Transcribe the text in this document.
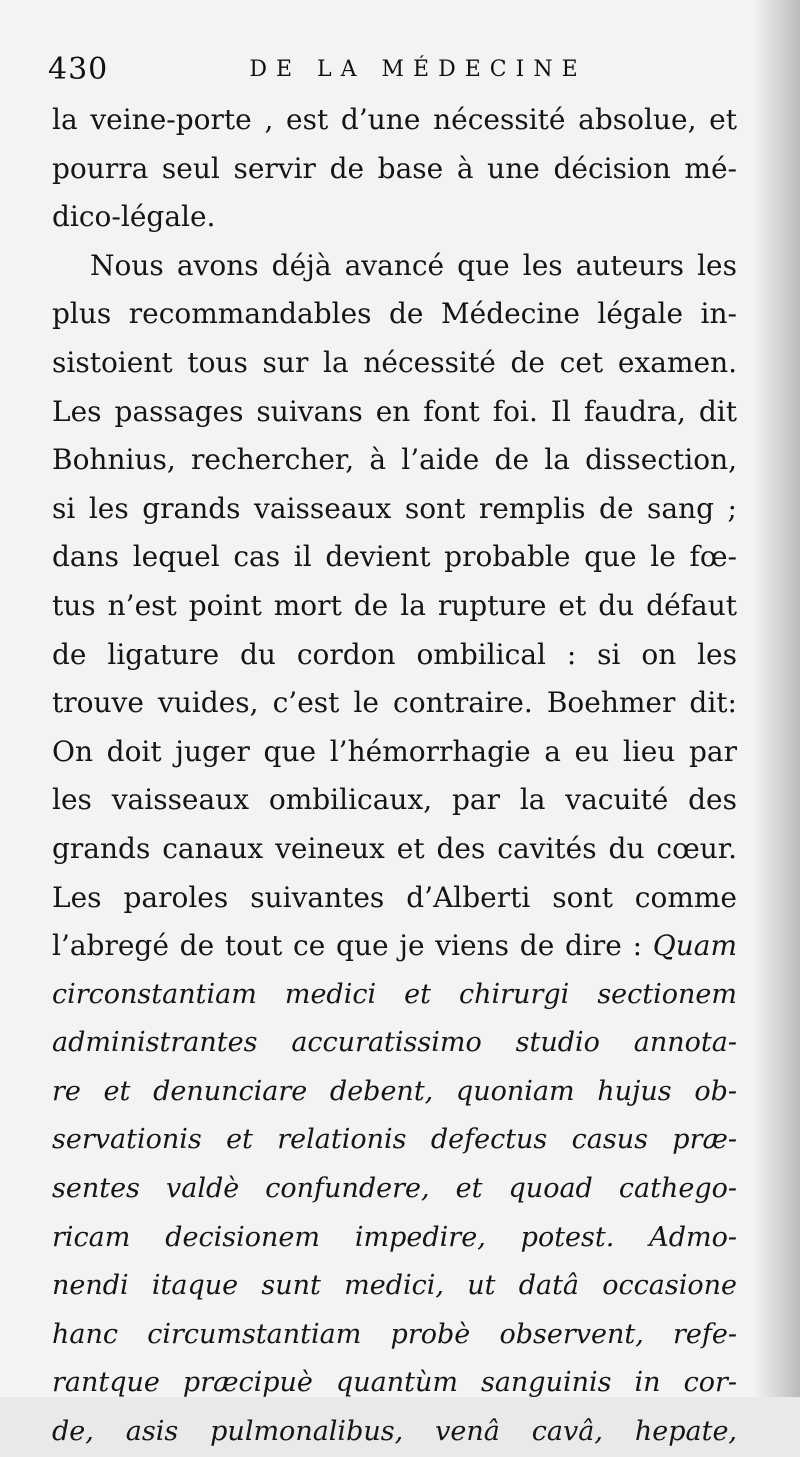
430	DE LA MÉDECINE
la veine-porte , est d’une nécessité absolue, et
pourra seul servir de base à une décision mé-
dico-légale.
Nous avons déjà avancé que les auteurs les
plus recommandables de Médecine légale in-
sistoient tous sur la nécessité de cet examen.
Les passages suivans en font foi. Il faudra, dit
Bohnius, rechercher, à l’aide de la dissection,
si les grands vaisseaux sont remplis de sang ;
dans lequel cas il devient probable que le fœ-
tus n’est point mort de la rupture et du défaut
de ligature du cordon ombilical : si on les
trouve vuides, c’est le contraire. Boehmer dit:
On doit juger que l’hémorrhagie a eu lieu par
les vaisseaux ombilicaux, par la vacuité des
grands canaux veineux et des cavités du cœur.
Les paroles suivantes d’Alberti sont comme
l’abregé de tout ce que je viens de dire : Quam
circonstantiam medici et chirurgi sectionem
administrantes accuratissimo studio annota-
re et denunciare debent, quoniam hujus ob-
servationis et relationis defectus casus præ-
sentes valdè confundere, et quoad cathego-
ricam decisionem impedire, potest. Admo-
nendi itaque sunt medici, ut datâ occasione
hanc circumstantiam probè observent, refe-
rantque præcipuè quantùm sanguinis in cor-
de, asis pulmonalibus, venâ cavâ, hepate,
